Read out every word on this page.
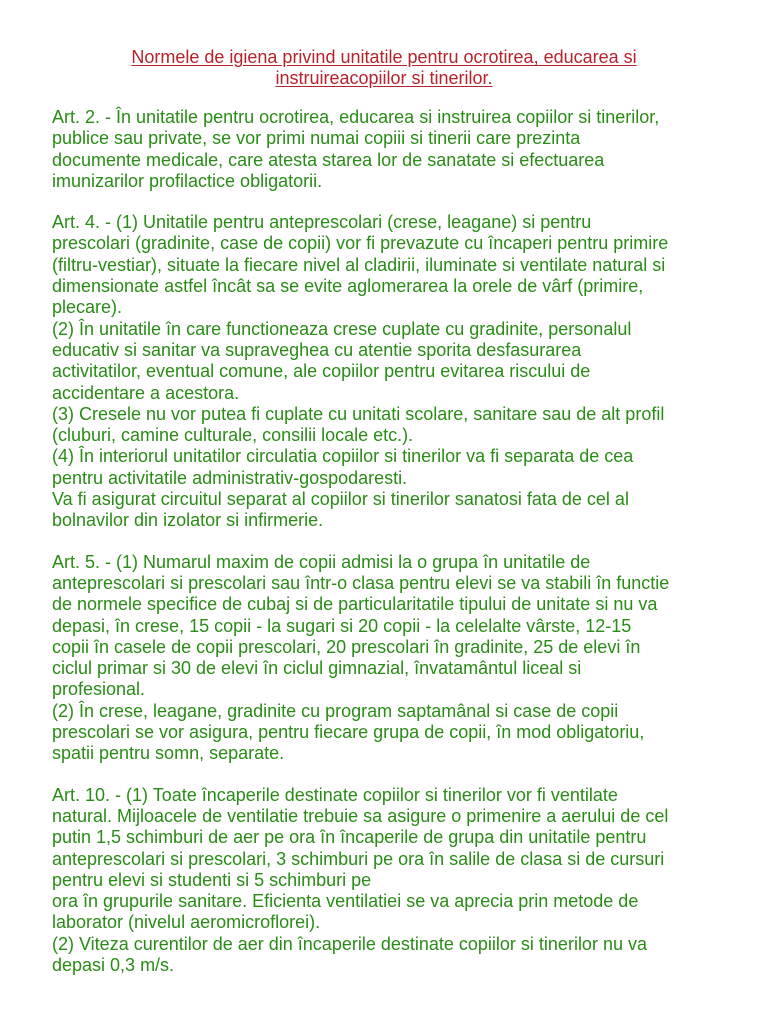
Normele de igiena privind unitatile pentru ocrotirea, educarea si
instruireacopiilor si tinerilor.
Art. 2. - În unitatile pentru ocrotirea, educarea si instruirea copiilor si tinerilor,
publice sau private, se vor primi numai copiii si tinerii care prezinta
documente medicale, care atesta starea lor de sanatate si efectuarea
imunizarilor profilactice obligatorii.
Art. 4. - (1) Unitatile pentru anteprescolari (crese, leagane) si pentru
prescolari (gradinite, case de copii) vor fi prevazute cu încaperi pentru primire
(filtru-vestiar), situate la fiecare nivel al cladirii, iluminate si ventilate natural si
dimensionate astfel încât sa se evite aglomerarea la orele de vârf (primire,
plecare).
(2) În unitatile în care functioneaza crese cuplate cu gradinite, personalul
educativ si sanitar va supraveghea cu atentie sporita desfasurarea
activitatilor, eventual comune, ale copiilor pentru evitarea riscului de
accidentare a acestora.
(3) Cresele nu vor putea fi cuplate cu unitati scolare, sanitare sau de alt profil
(cluburi, camine culturale, consilii locale etc.).
(4) În interiorul unitatilor circulatia copiilor si tinerilor va fi separata de cea
pentru activitatile administrativ-gospodaresti.
Va fi asigurat circuitul separat al copiilor si tinerilor sanatosi fata de cel al
bolnavilor din izolator si infirmerie.
Art. 5. - (1) Numarul maxim de copii admisi la o grupa în unitatile de
anteprescolari si prescolari sau într-o clasa pentru elevi se va stabili în functie
de normele specifice de cubaj si de particularitatile tipului de unitate si nu va
depasi, în crese, 15 copii - la sugari si 20 copii - la celelalte vârste, 12-15
copii în casele de copii prescolari, 20 prescolari în gradinite, 25 de elevi în
ciclul primar si 30 de elevi în ciclul gimnazial, învatamântul liceal si
profesional.
(2) În crese, leagane, gradinite cu program saptamânal si case de copii
prescolari se vor asigura, pentru fiecare grupa de copii, în mod obligatoriu,
spatii pentru somn, separate.
Art. 10. - (1) Toate încaperile destinate copiilor si tinerilor vor fi ventilate
natural. Mijloacele de ventilatie trebuie sa asigure o primenire a aerului de cel
putin 1,5 schimburi de aer pe ora în încaperile de grupa din unitatile pentru
anteprescolari si prescolari, 3 schimburi pe ora în salile de clasa si de cursuri
pentru elevi si studenti si 5 schimburi pe
ora în grupurile sanitare. Eficienta ventilatiei se va aprecia prin metode de
laborator (nivelul aeromicroflorei).
(2) Viteza curentilor de aer din încaperile destinate copiilor si tinerilor nu va
depasi 0,3 m/s.
